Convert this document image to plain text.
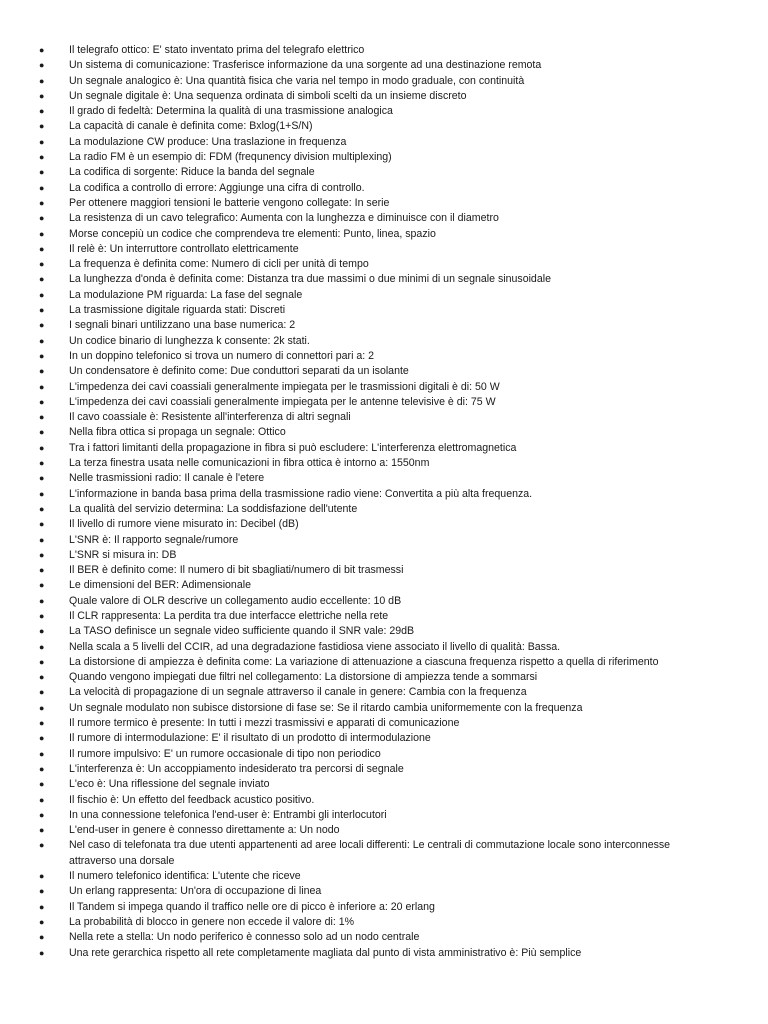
●	Il telegrafo ottico: E' stato inventato prima del telegrafo elettrico
●	Un sistema di comunicazione: Trasferisce informazione da una sorgente ad una destinazione remota
●	Un segnale analogico è: Una quantità fisica che varia nel tempo in modo graduale, con continuità
●	Un segnale digitale è: Una sequenza ordinata di simboli scelti da un insieme discreto
●	Il grado di fedeltà: Determina la qualità di una trasmissione analogica
●	La capacità di canale è definita come: Bxlog(1+S/N)
●	La modulazione CW produce: Una traslazione in frequenza
●	La radio FM è un esempio di: FDM (frequnency division multiplexing)
●	La codifica di sorgente: Riduce la banda del segnale
●	La codifica a controllo di errore: Aggiunge una cifra di controllo.
●	Per ottenere maggiori tensioni le batterie vengono collegate: In serie
●	La resistenza di un cavo telegrafico: Aumenta con la lunghezza e diminuisce con il diametro
●	Morse concepiù un codice che comprendeva tre elementi: Punto, linea, spazio
●	Il relè è: Un interruttore controllato elettricamente
●	La frequenza è definita come: Numero di cicli per unità di tempo
●	La lunghezza d'onda è definita come: Distanza tra due massimi o due minimi di un segnale sinusoidale
●	La modulazione PM riguarda: La fase del segnale
●	La trasmissione digitale riguarda stati: Discreti
●	I segnali binari untilizzano una base numerica: 2
●	Un codice binario di lunghezza k consente: 2k stati.
●	In un doppino telefonico si trova un numero di connettori pari a: 2
●	Un condensatore è definito come: Due conduttori separati da un isolante
●	L'impedenza dei cavi coassiali generalmente impiegata per le trasmissioni digitali è di: 50 W
●	L'impedenza dei cavi coassiali generalmente impiegata per le antenne televisive è di: 75 W
●	Il cavo coassiale è: Resistente all'interferenza di altri segnali
●	Nella fibra ottica si propaga un segnale: Ottico
●	Tra i fattori limitanti della propagazione in fibra si può escludere: L'interferenza elettromagnetica
●	La terza finestra usata nelle comunicazioni in fibra ottica è intorno a: 1550nm
●	Nelle trasmissioni radio: Il canale è l'etere
●	L'informazione in banda basa prima della trasmissione radio viene: Convertita a più alta frequenza.
●	La qualità del servizio determina: La soddisfazione dell'utente
●	Il livello di rumore viene misurato in: Decibel (dB)
●	L'SNR è: Il rapporto segnale/rumore
●	L'SNR si misura in: DB
●	Il BER è definito come: Il numero di bit sbagliati/numero di bit trasmessi
●	Le dimensioni del BER: Adimensionale
●	Quale valore di OLR descrive un collegamento audio eccellente: 10 dB
●	Il CLR rappresenta: La perdita tra due interfacce elettriche nella rete
●	La TASO definisce un segnale video sufficiente quando il SNR vale: 29dB
●	Nella scala a 5 livelli del CCIR, ad una degradazione fastidiosa viene associato il livello di qualità: Bassa.
●	La distorsione di ampiezza è definita come: La variazione di attenuazione a ciascuna frequenza rispetto a quella di riferimento
●	Quando vengono impiegati due filtri nel collegamento: La distorsione di ampiezza tende a sommarsi
●	La velocità di propagazione di un segnale attraverso il canale in genere: Cambia con la frequenza
●	Un segnale modulato non subisce distorsione di fase se: Se il ritardo cambia uniformemente con la frequenza
●	Il rumore termico è presente: In tutti i mezzi trasmissivi e apparati di comunicazione
●	Il rumore di intermodulazione: E' il risultato di un prodotto di intermodulazione
●	Il rumore impulsivo: E' un rumore occasionale di tipo non periodico
●	L'interferenza è: Un accoppiamento indesiderato tra percorsi di segnale
●	L'eco è: Una riflessione del segnale inviato
●	Il fischio è: Un effetto del feedback acustico positivo.
●	In una connessione telefonica l'end-user è: Entrambi gli interlocutori
●	L'end-user in genere è connesso direttamente a: Un nodo
●	Nel caso di telefonata tra due utenti appartenenti ad aree locali differenti: Le centrali di commutazione locale sono interconnesse attraverso una dorsale
●	Il numero telefonico identifica: L'utente che riceve
●	Un erlang rappresenta: Un'ora di occupazione di linea
●	Il Tandem si impega quando il traffico nelle ore di picco è inferiore a: 20 erlang
●	La probabilità di blocco in genere non eccede il valore di: 1%
●	Nella rete a stella: Un nodo periferico è connesso solo ad un nodo centrale
●	Una rete gerarchica rispetto all rete completamente magliata dal punto di vista amministrativo è: Più semplice
